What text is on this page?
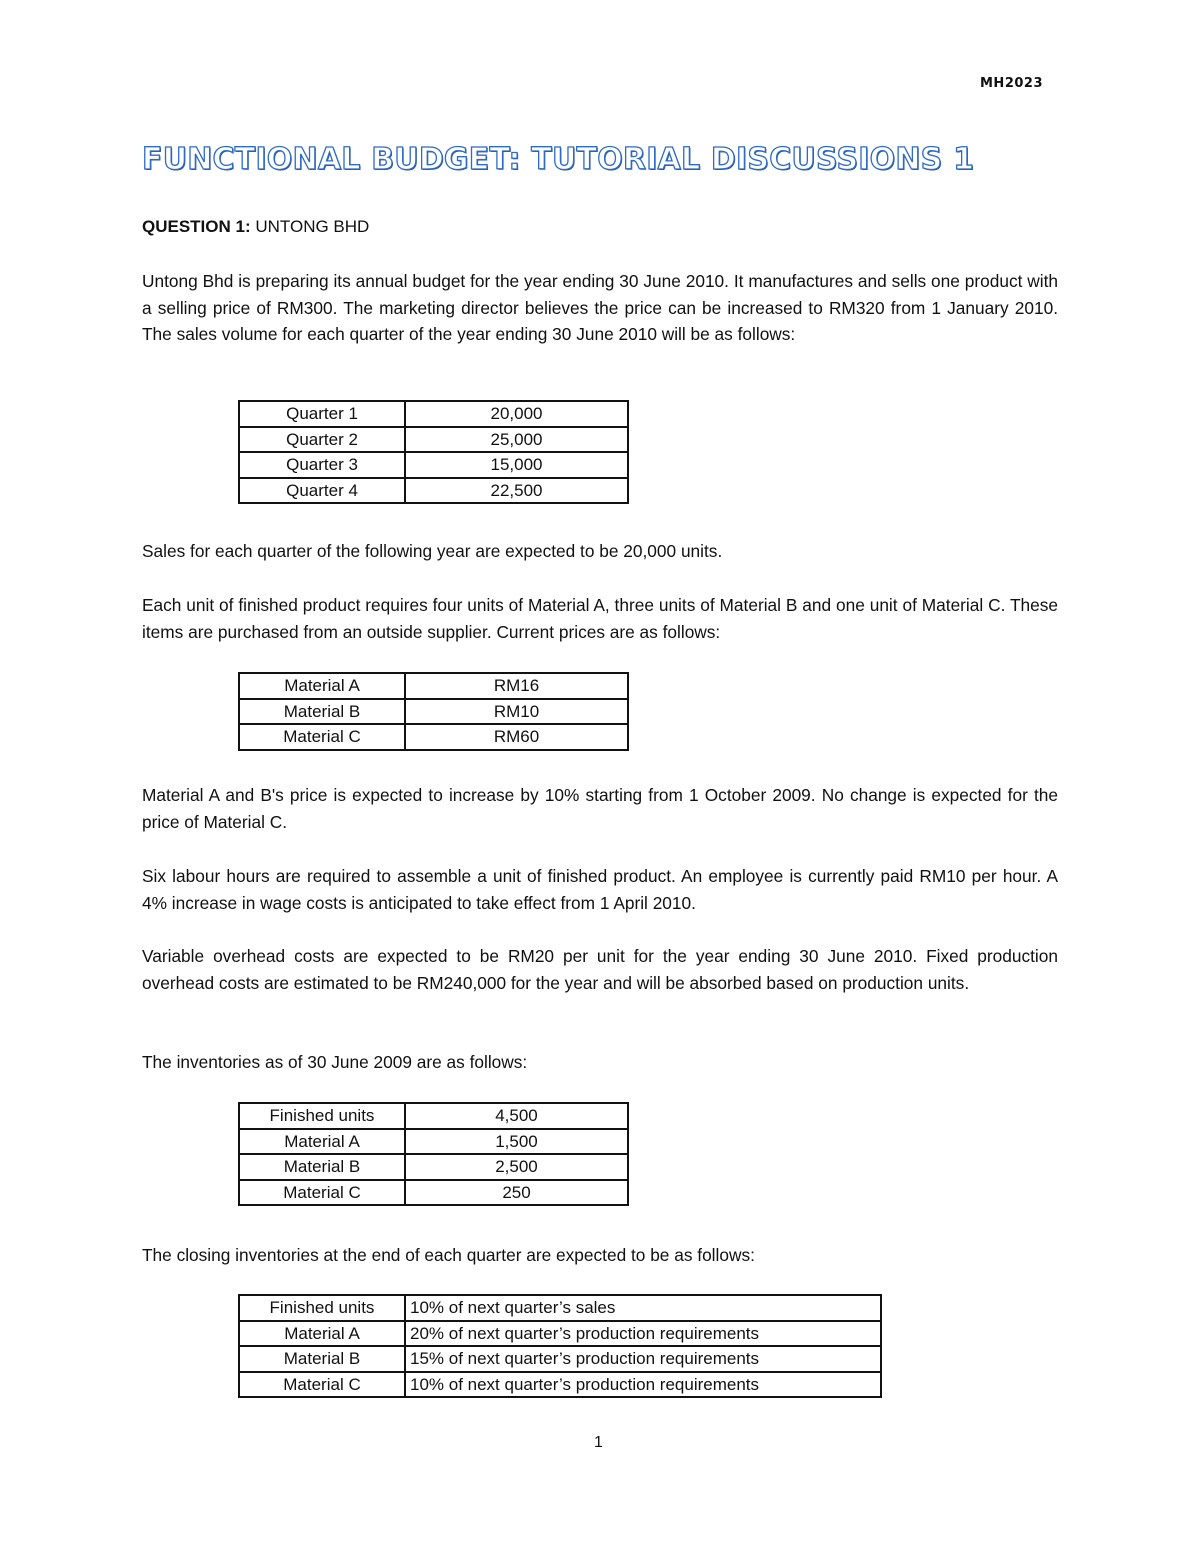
MH2023
FUNCTIONAL BUDGET: TUTORIAL DISCUSSIONS 1
QUESTION 1: UNTONG BHD
Untong Bhd is preparing its annual budget for the year ending 30 June 2010. It manufactures and sells one product with a selling price of RM300. The marketing director believes the price can be increased to RM320 from 1 January 2010. The sales volume for each quarter of the year ending 30 June 2010 will be as follows:
Quarter 1	20,000
Quarter 2	25,000
Quarter 3	15,000
Quarter 4	22,500
Sales for each quarter of the following year are expected to be 20,000 units.
Each unit of finished product requires four units of Material A, three units of Material B and one unit of Material C. These items are purchased from an outside supplier. Current prices are as follows:
Material A	RM16
Material B	RM10
Material C	RM60
Material A and B's price is expected to increase by 10% starting from 1 October 2009. No change is expected for the price of Material C.
Six labour hours are required to assemble a unit of finished product. An employee is currently paid RM10 per hour. A 4% increase in wage costs is anticipated to take effect from 1 April 2010.
Variable overhead costs are expected to be RM20 per unit for the year ending 30 June 2010. Fixed production overhead costs are estimated to be RM240,000 for the year and will be absorbed based on production units.
The inventories as of 30 June 2009 are as follows:
Finished units	4,500
Material A	1,500
Material B	2,500
Material C	250
The closing inventories at the end of each quarter are expected to be as follows:
Finished units	10% of next quarter’s sales
Material A	20% of next quarter’s production requirements
Material B	15% of next quarter’s production requirements
Material C	10% of next quarter’s production requirements
1
